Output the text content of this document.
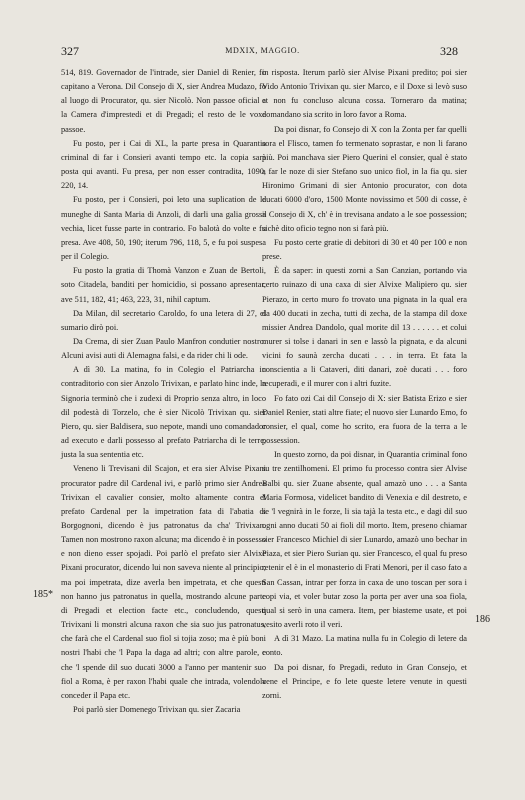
327	MDXIX, MAGGIO.	328
185*
186

514, 819. Governador de l'intrade, sier Daniel di Renier, fo capitano a Verona. Dil Consejo di X, sier Andrea Mudazo, fo al luogo di Procurator, qu. sier Nicolò. Non passoe oficial a la Camera d'imprestedi et di Pregadi; el resto de le voxe passoe.

Fu posto, per i Cai di XL, la parte presa in Quarantia criminal di far i Consieri avanti tempo etc. la copia sarà posta qui avanti. Fu presa, per non esser contradita, 1090, 220, 14.

Fu posto, per i Consieri, poi leto una suplication de le muneghe di Santa Maria di Anzoli, di darli una galia grossa vechia, licet fusse parte in contrario. Fo balotà do volte e fu presa. Ave 408, 50, 190; iterum 796, 118, 5, e fu poi suspesa per il Colegio.

Fu posto la gratia di Thomà Vanzon e Zuan de Bertoli, soto Citadela, banditi per homicidio, si possano apresentar, ave 511, 182, 41; 463, 223, 31, nihil captum.

Da Milan, dil secretario Caroldo, fo una letera di 27, el sumario dirò poi.

Da Crema, di sier Zuan Paulo Manfron condutier nostro. Alcuni avisi auti di Alemagna falsi, e da rider chi li ode.

A dì 30. La matina, fo in Colegio el Patriarcha in contraditorio con sier Anzolo Trivixan, e parlato hinc inde, la Signoria terminò che i zudexi di Proprio senza altro, in loco dil podestà di Torzelo, che è sier Nicolò Trivixan qu. sier Piero, qu. sier Baldisera, suo nepote, mandi uno comandador ad executo e darli possesso al prefato Patriarcha di le terre, justa la sua sententia etc.

Veneno li Trevisani dil Scajon, et era sier Alvise Pixani procurator padre dil Cardenal ivi, e parlò primo sier Andrea Trivixan el cavalier consier, molto altamente contra el prefato Cardenal per la impetration fata di l'abatia di Borgognoni, dicendo è jus patronatus da cha' Trivixan. Tamen non mostrono raxon alcuna; ma dicendo è in possesso e non dieno esser spojadi. Poi parlò el prefato sier Alvixe Pixani procurator, dicendo lui non saveva niente al principio; ma poi impetrata, dize averla ben impetrata, et che questi non hanno jus patronatus in quella, mostrando alcune parte di Pregadi et election facte etc., concludendo, questi Trivixani li monstri alcuna raxon che sia suo jus patronatus, che farà che el Cardenal suo fiol si tojia zoso; ma è più boni nostri l'habi che 'l Papa la daga ad altri; con altre parole, e che 'l spende dil suo ducati 3000 a l'anno per mantenir suo fiol a Roma, è per raxon l'habi quale che intrada, volendola conceder il Papa etc.

Poi parlò sier Domenego Trivixan qu. sier Zacaria

in risposta. Iterum parlò sier Alvise Pixani predito; poi sier Vido Antonio Trivixan qu. sier Marco, e il Doxe si levò suso et non fu concluso alcuna cossa. Torneraro da matina; domandano sia scrito in loro favor a Roma.

Da poi disnar, fo Consejo di X con la Zonta per far quelli sora el Flisco, tamen fo termenato soprastar, e non li farano più. Poi manchava sier Piero Querini el consier, qual è stato a far le noze di sier Stefano suo unico fiol, in la fia qu. sier Hironimo Grimani di sier Antonio procurator, con dota ducati 6000 d'oro, 1500 Monte novissimo et 500 di cosse, è il Consejo di X, ch' è in trevisana andato a le soe possession; sichè dito oficio tegno non si farà più.

Fu posto certe gratie di debitori di 30 et 40 per 100 e non prese.

È da saper: in questi zorni a San Canzian, portando via certo ruinazo di una caxa di sier Alvixe Malipiero qu. sier Pierazo, in certo muro fo trovato una pignata in la qual era da 400 ducati in zecha, tutti di zecha, de la stampa dil doxe missier Andrea Dandolo, qual morite dil 13 . . . . . . et colui murer si tolse i danari in sen e lassò la pignata, e da alcuni vicini fo saunà zercha ducati . . . in terra. Et fata la conscientia a li Cataveri, diti danari, zoè ducati . . . foro recuperadi, e il murer con i altri fuzite.

Fo fato ozi Cai dil Consejo di X: sier Batista Erizo e sier Daniel Renier, stati altre fiate; el nuovo sier Lunardo Emo, fo consier, el qual, come ho scrito, era fuora de la terra a le possession.

In questo zorno, da poi disnar, in Quarantia criminal fono su tre zentilhomeni. El primo fu processo contra sier Alvise Balbi qu. sier Zuane absente, qual amazò uno . . . a Santa Maria Formosa, videlicet bandito di Venexia e dil destreto, e se 'l vegnirà in le forze, li sia tajà la testa etc., e dagi dil suo ogni anno ducati 50 ai fioli dil morto. Item, preseno chiamar sier Francesco Michiel di sier Lunardo, amazò uno bechar in Piaza, et sier Piero Surian qu. sier Francesco, el qual fu preso retenir el è in el monasterio di Frati Menori, per il caso fato a San Cassan, intrar per forza in caxa de uno toscan per sora i copi via, et voler butar zoso la porta per aver una soa fiola, qual si serò in una camera. Item, per biasteme usate, et poi vesito averli roto il veri.

A dì 31 Mazo. La matina nulla fu in Colegio di letere da conto.

Da poi disnar, fo Pregadi, reduto in Gran Consejo, et vene el Principe, e fo lete queste letere venute in questi zorni.
